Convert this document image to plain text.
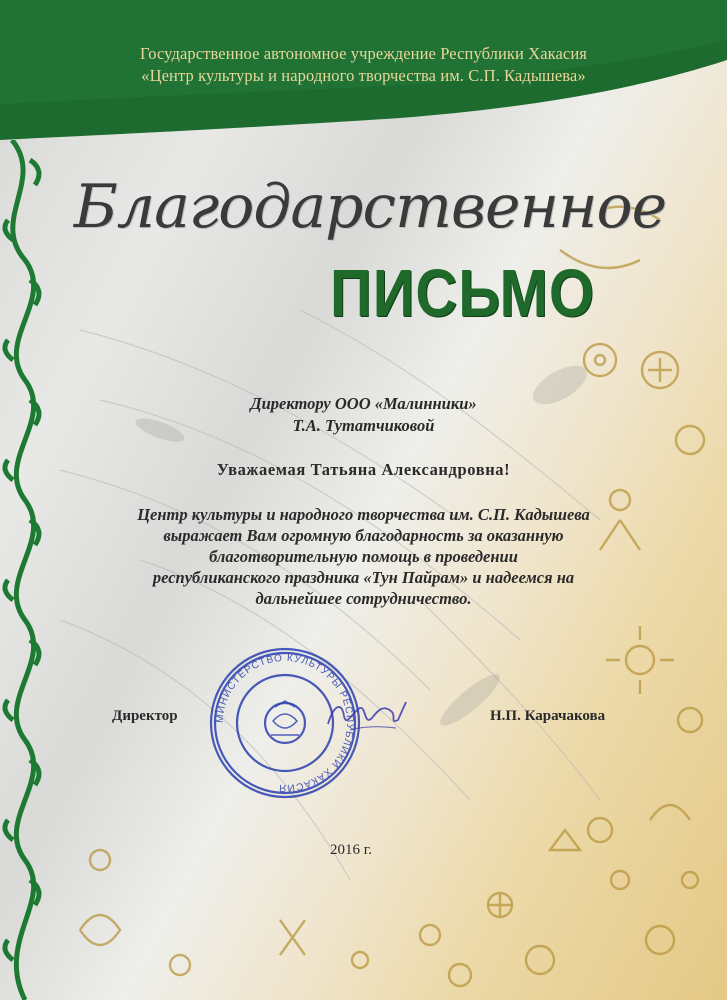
Государственное автономное учреждение Республики Хакасия
«Центр культуры и народного творчества им. С.П. Кадышева»
Благодарственное
ПИСЬМО
Директору ООО «Малинники»
Т.А. Тутатчиковой
Уважаемая Татьяна Александровна!
Центр культуры и народного творчества им. С.П. Кадышева
выражает Вам огромную благодарность за оказанную
благотворительную помощь в проведении
республиканского праздника «Тун Пайрам» и надеемся на
дальнейшее сотрудничество.
МИНИСТЕРСТВО КУЛЬТУРЫ РЕСПУБЛИКИ ХАКАСИЯ
Директор	Н.П. Карачакова
2016 г.
